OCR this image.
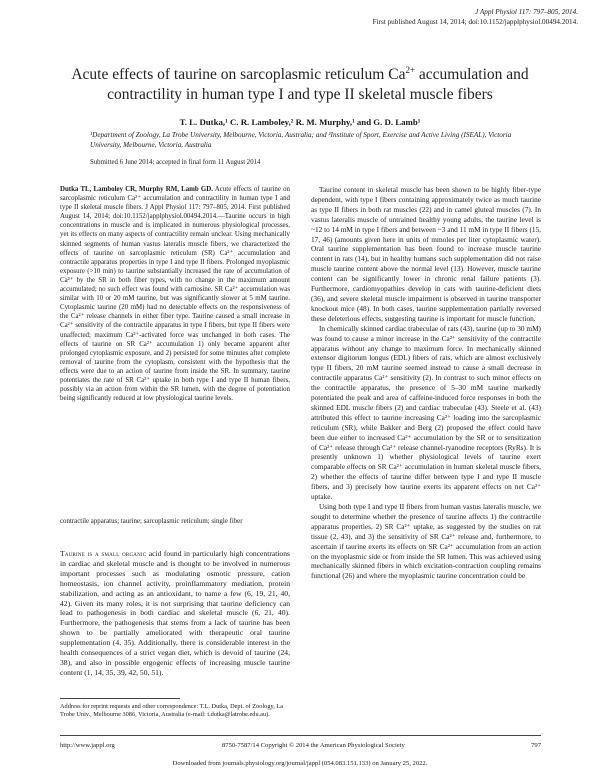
J Appl Physiol 117: 797–805, 2014.
First published August 14, 2014; doi:10.1152/japplphysiol.00494.2014.
Acute effects of taurine on sarcoplasmic reticulum $Ca^{2+}$ accumulation and contractility in human type I and type II skeletal muscle fibers
T. L. Dutka,¹ C. R. Lamboley,² R. M. Murphy,¹ and G. D. Lamb¹
¹Department of Zoology, La Trobe University, Melbourne, Victoria, Australia; and ²Institute of Sport, Exercise and Active Living (ISEAL), Victoria University, Melbourne, Victoria, Australia
Submitted 6 June 2014; accepted in final form 11 August 2014

Dutka TL, Lamboley CR, Murphy RM, Lamb GD. Acute effects of taurine on sarcoplasmic reticulum Ca²⁺ accumulation and contractility in human type I and type II skeletal muscle fibers. J Appl Physiol 117: 797–805, 2014. First published August 14, 2014; doi:10.1152/japplphysiol.00494.2014.—Taurine occurs in high concentrations in muscle and is implicated in numerous physiological processes, yet its effects on many aspects of contractility remain unclear. Using mechanically skinned segments of human vastus lateralis muscle fibers, we characterized the effects of taurine on sarcoplasmic reticulum (SR) Ca²⁺ accumulation and contractile apparatus properties in type I and type II fibers. Prolonged myoplasmic exposure (>10 min) to taurine substantially increased the rate of accumulation of Ca²⁺ by the SR in both fiber types, with no change in the maximum amount accumulated; no such effect was found with carnosine. SR Ca²⁺ accumulation was similar with 10 or 20 mM taurine, but was significantly slower at 5 mM taurine. Cytoplasmic taurine (20 mM) had no detectable effects on the responsiveness of the Ca²⁺ release channels in either fiber type. Taurine caused a small increase in Ca²⁺ sensitivity of the contractile apparatus in type I fibers, but type II fibers were unaffected; maximum Ca²⁺-activated force was unchanged in both cases. The effects of taurine on SR Ca²⁺ accumulation 1) only became apparent after prolonged cytoplasmic exposure, and 2) persisted for some minutes after complete removal of taurine from the cytoplasm, consistent with the hypothesis that the effects were due to an action of taurine from inside the SR. In summary, taurine potentiates the rate of SR Ca²⁺ uptake in both type I and type II human fibers, possibly via an action from within the SR lumen, with the degree of potentiation being significantly reduced at low physiological taurine levels.

contractile apparatus; taurine; sarcoplasmic reticulum; single fiber

Taurine is a small organic acid found in particularly high concentrations in cardiac and skeletal muscle and is thought to be involved in numerous important processes such as modulating osmotic pressure, cation homeostasis, ion channel activity, proinflammatory mediation, protein stabilization, and acting as an antioxidant, to name a few (6, 19, 21, 40, 42). Given its many roles, it is not surprising that taurine deficiency can lead to pathogenesis in both cardiac and skeletal muscle (6, 21, 40). Furthermore, the pathogenesis that stems from a lack of taurine has been shown to be partially ameliorated with therapeutic oral taurine supplementation (4, 35). Additionally, there is considerable interest in the health consequences of a strict vegan diet, which is devoid of taurine (24, 38), and also in possible ergogenic effects of increasing muscle taurine content (1, 14, 35, 39, 42, 50, 51).

Taurine content in skeletal muscle has been shown to be highly fiber-type dependent, with type I fibers containing approximately twice as much taurine as type II fibers in both rat muscles (22) and in camel gluteal muscles (7). In vastus lateralis muscle of untrained healthy young adults, the taurine level is ~12 to 14 mM in type I fibers and between ~3 and 11 mM in type II fibers (15, 17, 46) (amounts given here in units of mmoles per liter cytoplasmic water). Oral taurine supplementation has been found to increase muscle taurine content in rats (14), but in healthy humans such supplementation did not raise muscle taurine content above the normal level (13). However, muscle taurine content can be significantly lower in chronic renal failure patients (3). Furthermore, cardiomyopathies develop in cats with taurine-deficient diets (36), and severe skeletal muscle impairment is observed in taurine transporter knockout mice (48). In both cases, taurine supplementation partially reversed these deleterious effects, suggesting taurine is important for muscle function.

In chemically skinned cardiac trabeculae of rats (43), taurine (up to 30 mM) was found to cause a minor increase in the Ca²⁺ sensitivity of the contractile apparatus without any change to maximum force. In mechanically skinned extensor digitorum longus (EDL) fibers of rats, which are almost exclusively type II fibers, 20 mM taurine seemed instead to cause a small decrease in contractile apparatus Ca²⁺ sensitivity (2). In contrast to such minor effects on the contractile apparatus, the presence of 5–30 mM taurine markedly potentiated the peak and area of caffeine-induced force responses in both the skinned EDL muscle fibers (2) and cardiac trabeculae (43). Steele et al. (43) attributed this effect to taurine increasing Ca²⁺ loading into the sarcoplasmic reticulum (SR), while Bakker and Berg (2) proposed the effect could have been due either to increased Ca²⁺ accumulation by the SR or to sensitization of Ca²⁺ release through Ca²⁺ release channel-ryanodine receptors (RyRs). It is presently unknown 1) whether physiological levels of taurine exert comparable effects on SR Ca²⁺ accumulation in human skeletal muscle fibers, 2) whether the effects of taurine differ between type I and type II muscle fibers, and 3) precisely how taurine exerts its apparent effects on net Ca²⁺ uptake.

Using both type I and type II fibers from human vastus lateralis muscle, we sought to determine whether the presence of taurine affects 1) the contractile apparatus properties, 2) SR Ca²⁺ uptake, as suggested by the studies on rat tissue (2, 43), and 3) the sensitivity of SR Ca²⁺ release and, furthermore, to ascertain if taurine exerts its effects on SR Ca²⁺ accumulation from an action on the myoplasmic side or from inside the SR lumen. This was achieved using mechanically skinned fibers in which excitation-contraction coupling remains functional (26) and where the myoplasmic taurine concentration could be

Address for reprint requests and other correspondence: T.L. Dutka, Dept. of Zoology, La Trobe Univ., Melbourne 3086, Victoria, Australia (e-mail: t.dutka@latrobe.edu.au).
http://www.jappl.org	8750-7587/14 Copyright © 2014 the American Physiological Society	797
Downloaded from journals.physiology.org/journal/jappl (054.083.151.133) on January 25, 2022.
